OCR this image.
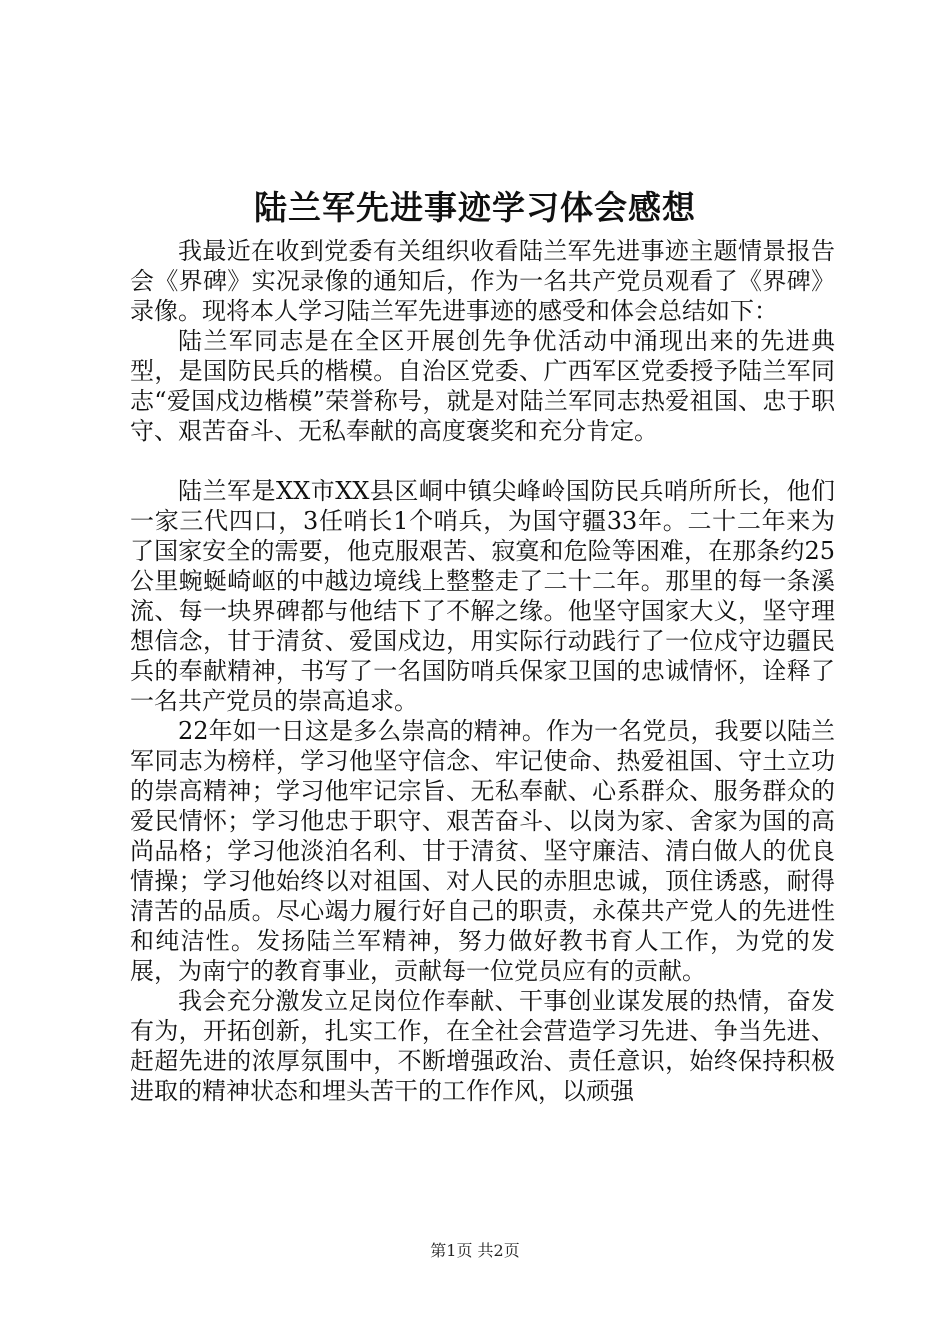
陆兰军先进事迹学习体会感想

我最近在收到党委有关组织收看陆兰军先进事迹主题情景报告会《界碑》实况录像的通知后，作为一名共产党员观看了《界碑》录像。现将本人学习陆兰军先进事迹的感受和体会总结如下：

陆兰军同志是在全区开展创先争优活动中涌现出来的先进典型，是国防民兵的楷模。自治区党委、广西军区党委授予陆兰军同志“爱国戍边楷模”荣誉称号，就是对陆兰军同志热爱祖国、忠于职守、艰苦奋斗、无私奉献的高度褒奖和充分肯定。

陆兰军是XX市XX县区峒中镇尖峰岭国防民兵哨所所长，他们一家三代四口，3任哨长1个哨兵，为国守疆33年。二十二年来为了国家安全的需要，他克服艰苦、寂寞和危险等困难，在那条约25公里蜿蜒崎岖的中越边境线上整整走了二十二年。那里的每一条溪流、每一块界碑都与他结下了不解之缘。他坚守国家大义，坚守理想信念，甘于清贫、爱国戍边，用实际行动践行了一位戍守边疆民兵的奉献精神，书写了一名国防哨兵保家卫国的忠诚情怀，诠释了一名共产党员的崇高追求。

22年如一日这是多么崇高的精神。作为一名党员，我要以陆兰军同志为榜样，学习他坚守信念、牢记使命、热爱祖国、守土立功的崇高精神；学习他牢记宗旨、无私奉献、心系群众、服务群众的爱民情怀；学习他忠于职守、艰苦奋斗、以岗为家、舍家为国的高尚品格；学习他淡泊名利、甘于清贫、坚守廉洁、清白做人的优良情操；学习他始终以对祖国、对人民的赤胆忠诚，顶住诱惑，耐得清苦的品质。尽心竭力履行好自己的职责，永葆共产党人的先进性和纯洁性。发扬陆兰军精神，努力做好教书育人工作，为党的发展，为南宁的教育事业，贡献每一位党员应有的贡献。

我会充分激发立足岗位作奉献、干事创业谋发展的热情，奋发有为，开拓创新，扎实工作，在全社会营造学习先进、争当先进、赶超先进的浓厚氛围中，不断增强政治、责任意识，始终保持积极进取的精神状态和埋头苦干的工作作风，以顽强

第1页 共2页
